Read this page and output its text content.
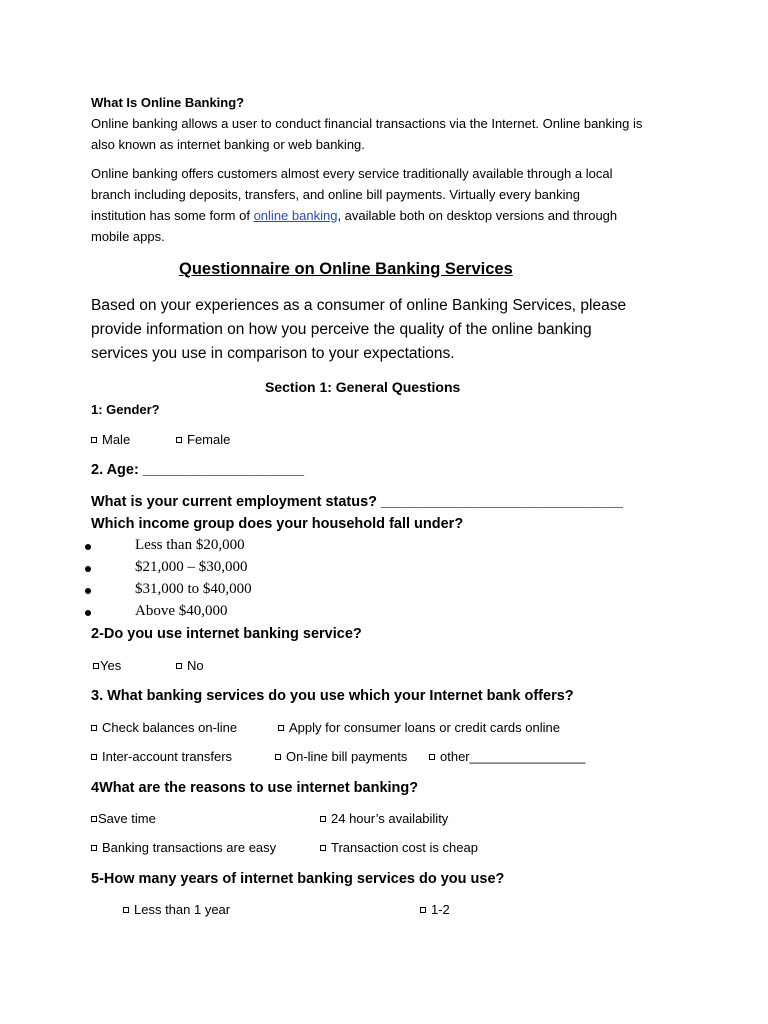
What Is Online Banking?
Online banking allows a user to conduct financial transactions via the Internet. Online banking is
also known as internet banking or web banking.
Online banking offers customers almost every service traditionally available through a local
branch including deposits, transfers, and online bill payments. Virtually every banking
institution has some form of online banking, available both on desktop versions and through
mobile apps.
Questionnaire on Online Banking Services
Based on your experiences as a consumer of online Banking Services, please
provide information on how you perceive the quality of the online banking
services you use in comparison to your expectations.
Section 1: General Questions
1: Gender?
Male	Female
2. Age: ____________________
What is your current employment status? ______________________________
Which income group does your household fall under?
Less than $20,000
$21,000 – $30,000
$31,000 to $40,000
Above $40,000
2-Do you use internet banking service?
Yes	No
3. What banking services do you use which your Internet bank offers?
Check balances on-line	Apply for consumer loans or credit cards online
Inter-account transfers	On-line bill payments	other________________
4What are the reasons to use internet banking?
Save time	24 hour’s availability
Banking transactions are easy	Transaction cost is cheap
5-How many years of internet banking services do you use?
Less than 1 year	1-2
